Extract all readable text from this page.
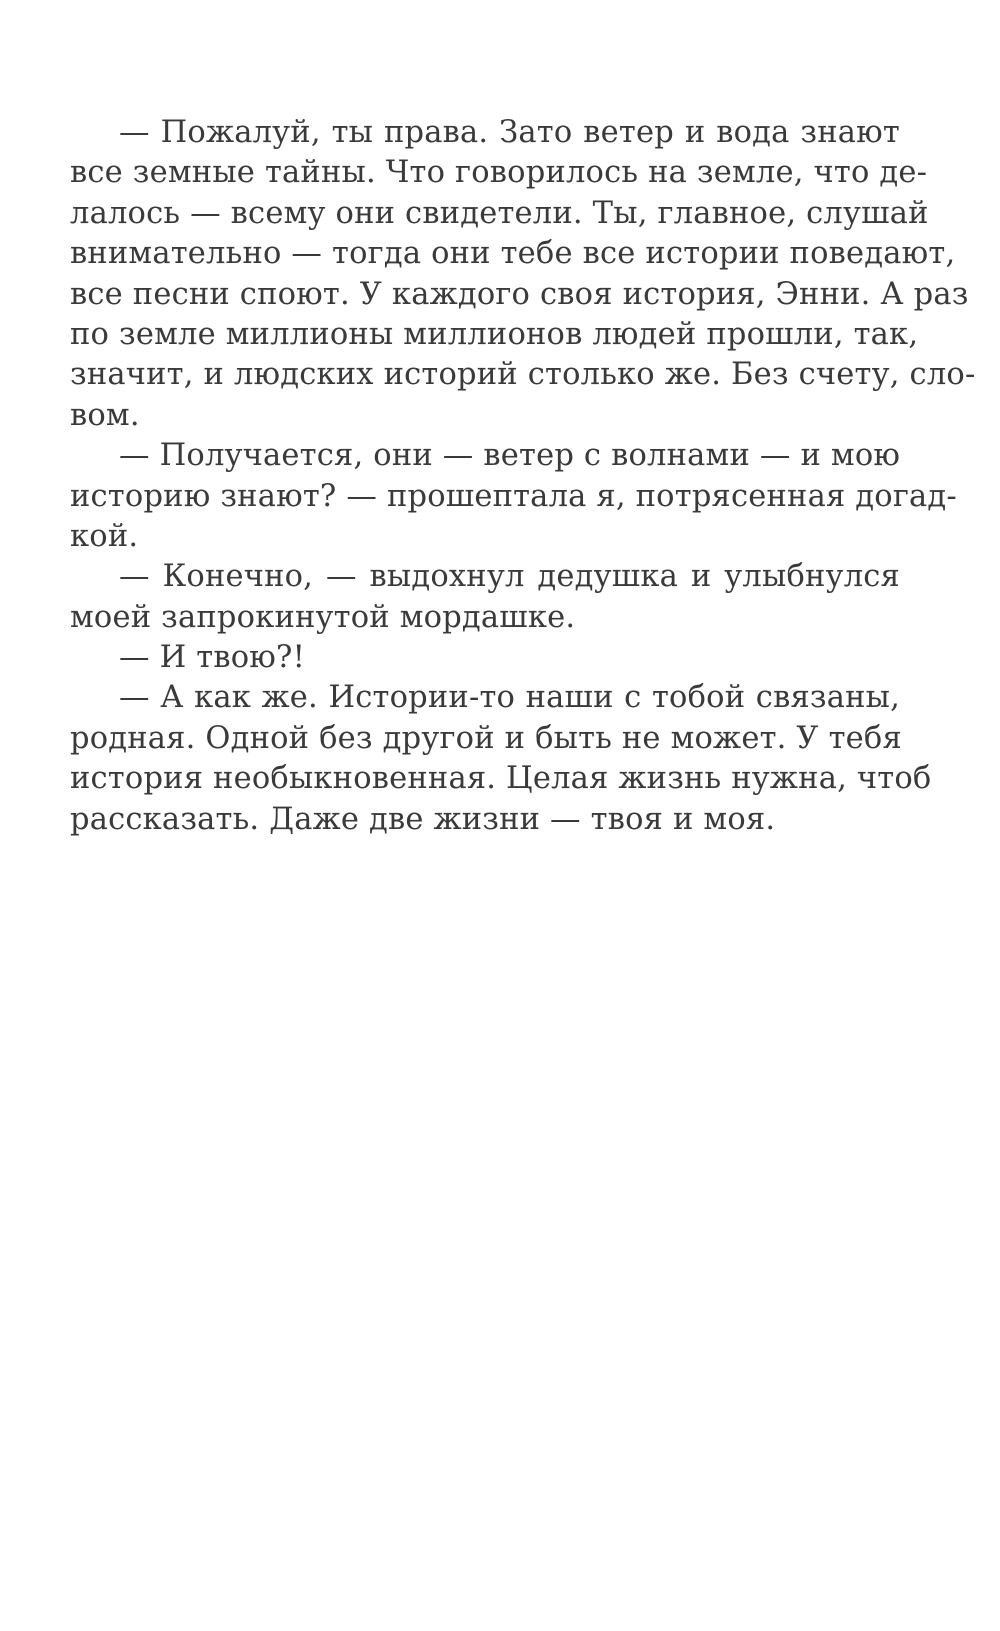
— Пожалуй, ты права. Зато ветер и вода знают
все земные тайны. Что говорилось на земле, что де-
лалось — всему они свидетели. Ты, главное, слушай
внимательно — тогда они тебе все истории поведают,
все песни споют. У каждого своя история, Энни. А раз
по земле миллионы миллионов людей прошли, так,
значит, и людских историй столько же. Без счету, сло-
вом.
— Получается, они — ветер с волнами — и мою
историю знают? — прошептала я, потрясенная догад-
кой.
— Конечно, — выдохнул дедушка и улыбнулся
моей запрокинутой мордашке.
— И твою?!
— А как же. Истории-то наши с тобой связаны,
родная. Одной без другой и быть не может. У тебя
история необыкновенная. Целая жизнь нужна, чтоб
рассказать. Даже две жизни — твоя и моя.
